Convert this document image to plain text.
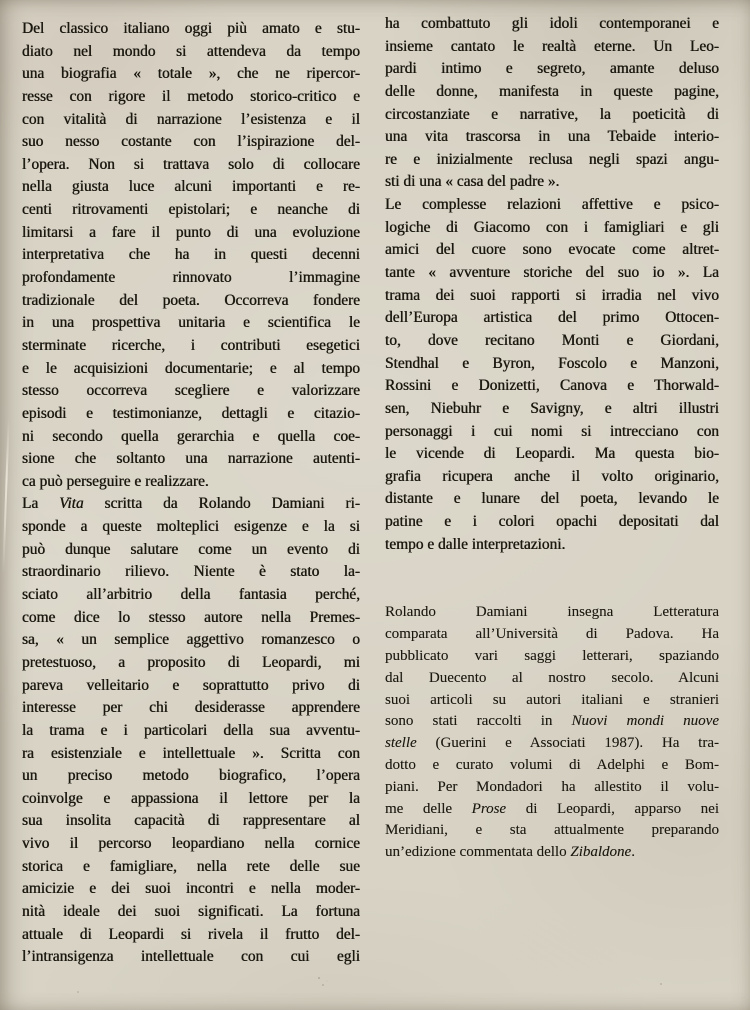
Del classico italiano oggi più amato e stu-
diato nel mondo si attendeva da tempo
una biografia « totale », che ne ripercor-
resse con rigore il metodo storico-critico e
con vitalità di narrazione l’esistenza e il
suo nesso costante con l’ispirazione del-
l’opera. Non si trattava solo di collocare
nella giusta luce alcuni importanti e re-
centi ritrovamenti epistolari; e neanche di
limitarsi a fare il punto di una evoluzione
interpretativa che ha in questi decenni
profondamente rinnovato l’immagine
tradizionale del poeta. Occorreva fondere
in una prospettiva unitaria e scientifica le
sterminate ricerche, i contributi esegetici
e le acquisizioni documentarie; e al tempo
stesso occorreva scegliere e valorizzare
episodi e testimonianze, dettagli e citazio-
ni secondo quella gerarchia e quella coe-
sione che soltanto una narrazione autenti-
ca può perseguire e realizzare.
La Vita scritta da Rolando Damiani ri-
sponde a queste molteplici esigenze e la si
può dunque salutare come un evento di
straordinario rilievo. Niente è stato la-
sciato all’arbitrio della fantasia perché,
come dice lo stesso autore nella Premes-
sa, « un semplice aggettivo romanzesco o
pretestuoso, a proposito di Leopardi, mi
pareva velleitario e soprattutto privo di
interesse per chi desiderasse apprendere
la trama e i particolari della sua avventu-
ra esistenziale e intellettuale ». Scritta con
un preciso metodo biografico, l’opera
coinvolge e appassiona il lettore per la
sua insolita capacità di rappresentare al
vivo il percorso leopardiano nella cornice
storica e famigliare, nella rete delle sue
amicizie e dei suoi incontri e nella moder-
nità ideale dei suoi significati. La fortuna
attuale di Leopardi si rivela il frutto del-
l’intransigenza intellettuale con cui egli
ha combattuto gli idoli contemporanei e
insieme cantato le realtà eterne. Un Leo-
pardi intimo e segreto, amante deluso
delle donne, manifesta in queste pagine,
circostanziate e narrative, la poeticità di
una vita trascorsa in una Tebaide interio-
re e inizialmente reclusa negli spazi angu-
sti di una « casa del padre ».
Le complesse relazioni affettive e psico-
logiche di Giacomo con i famigliari e gli
amici del cuore sono evocate come altret-
tante « avventure storiche del suo io ». La
trama dei suoi rapporti si irradia nel vivo
dell’Europa artistica del primo Ottocen-
to, dove recitano Monti e Giordani,
Stendhal e Byron, Foscolo e Manzoni,
Rossini e Donizetti, Canova e Thorwald-
sen, Niebuhr e Savigny, e altri illustri
personaggi i cui nomi si intrecciano con
le vicende di Leopardi. Ma questa bio-
grafia ricupera anche il volto originario,
distante e lunare del poeta, levando le
patine e i colori opachi depositati dal
tempo e dalle interpretazioni.
Rolando Damiani insegna Letteratura
comparata all’Università di Padova. Ha
pubblicato vari saggi letterari, spaziando
dal Duecento al nostro secolo. Alcuni
suoi articoli su autori italiani e stranieri
sono stati raccolti in Nuovi mondi nuove
stelle (Guerini e Associati 1987). Ha tra-
dotto e curato volumi di Adelphi e Bom-
piani. Per Mondadori ha allestito il volu-
me delle Prose di Leopardi, apparso nei
Meridiani, e sta attualmente preparando
un’edizione commentata dello Zibaldone.
